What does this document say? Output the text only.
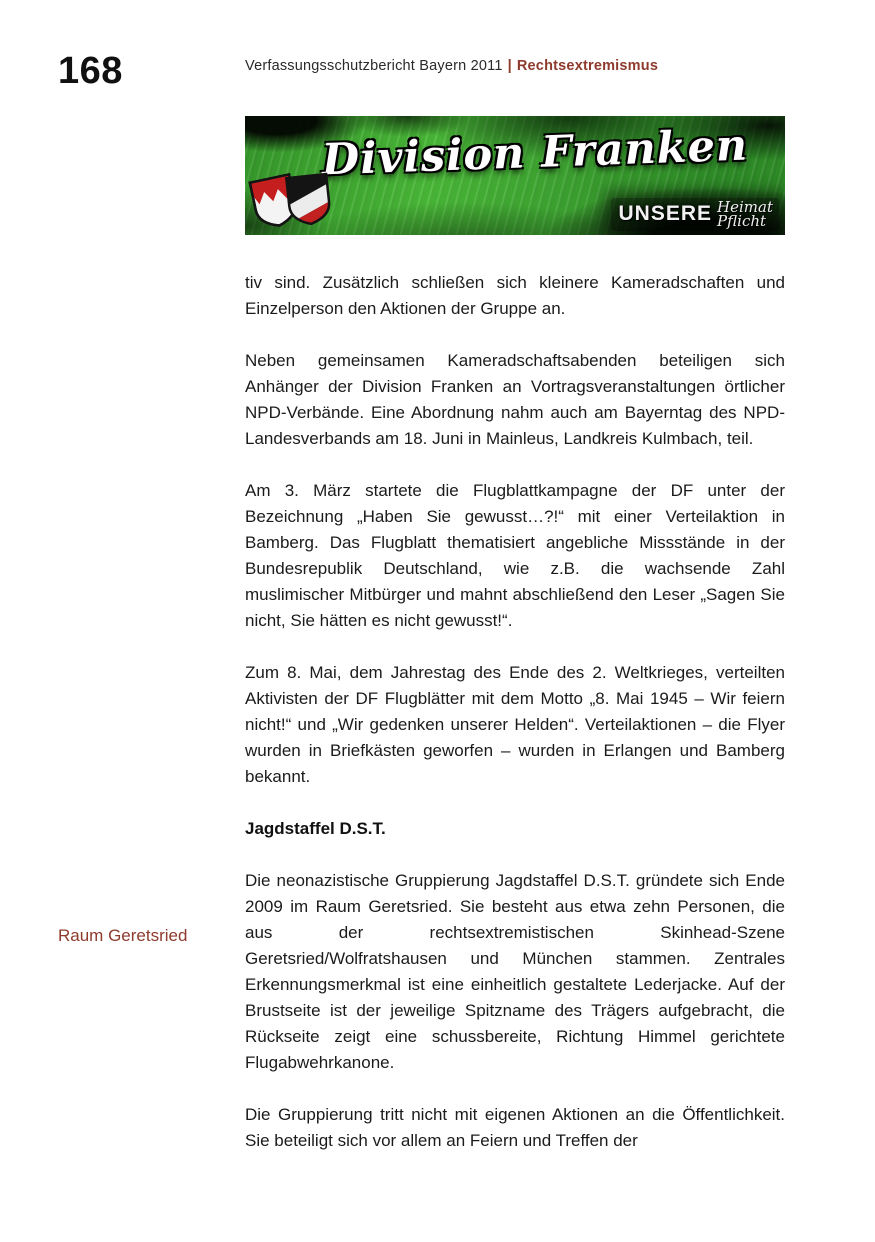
168
Raum Geretsried
Verfassungsschutzbericht Bayern 2011 | Rechtsextremismus
Division Franken
UNSERE Heimat
Pflicht

tiv sind. Zusätzlich schließen sich kleinere Kameradschaften und Einzelperson den Aktionen der Gruppe an.

Neben gemeinsamen Kameradschaftsabenden beteiligen sich Anhänger der Division Franken an Vortragsveranstaltungen örtlicher NPD-Verbände. Eine Abordnung nahm auch am Bayerntag des NPD-Landesverbands am 18. Juni in Mainleus, Landkreis Kulmbach, teil.

Am 3. März startete die Flugblattkampagne der DF unter der Bezeichnung „Haben Sie gewusst…?!“ mit einer Verteilaktion in Bamberg. Das Flugblatt thematisiert angebliche Missstände in der Bundesrepublik Deutschland, wie z.B. die wachsende Zahl muslimischer Mitbürger und mahnt abschließend den Leser „Sagen Sie nicht, Sie hätten es nicht gewusst!“.

Zum 8. Mai, dem Jahrestag des Ende des 2. Weltkrieges, verteilten Aktivisten der DF Flugblätter mit dem Motto „8. Mai 1945 – Wir feiern nicht!“ und „Wir gedenken unserer Helden“. Verteilaktionen – die Flyer wurden in Briefkästen geworfen – wurden in Erlangen und Bamberg bekannt.

Jagdstaffel D.S.T.

Die neonazistische Gruppierung Jagdstaffel D.S.T. gründete sich Ende 2009 im Raum Geretsried. Sie besteht aus etwa zehn Personen, die aus der rechtsextremistischen Skinhead-Szene Geretsried/Wolfratshausen und München stammen. Zentrales Erkennungsmerkmal ist eine einheitlich gestaltete Lederjacke. Auf der Brustseite ist der jeweilige Spitzname des Trägers aufgebracht, die Rückseite zeigt eine schussbereite, Richtung Himmel gerichtete Flugabwehrkanone.

Die Gruppierung tritt nicht mit eigenen Aktionen an die Öffentlichkeit. Sie beteiligt sich vor allem an Feiern und Treffen der
